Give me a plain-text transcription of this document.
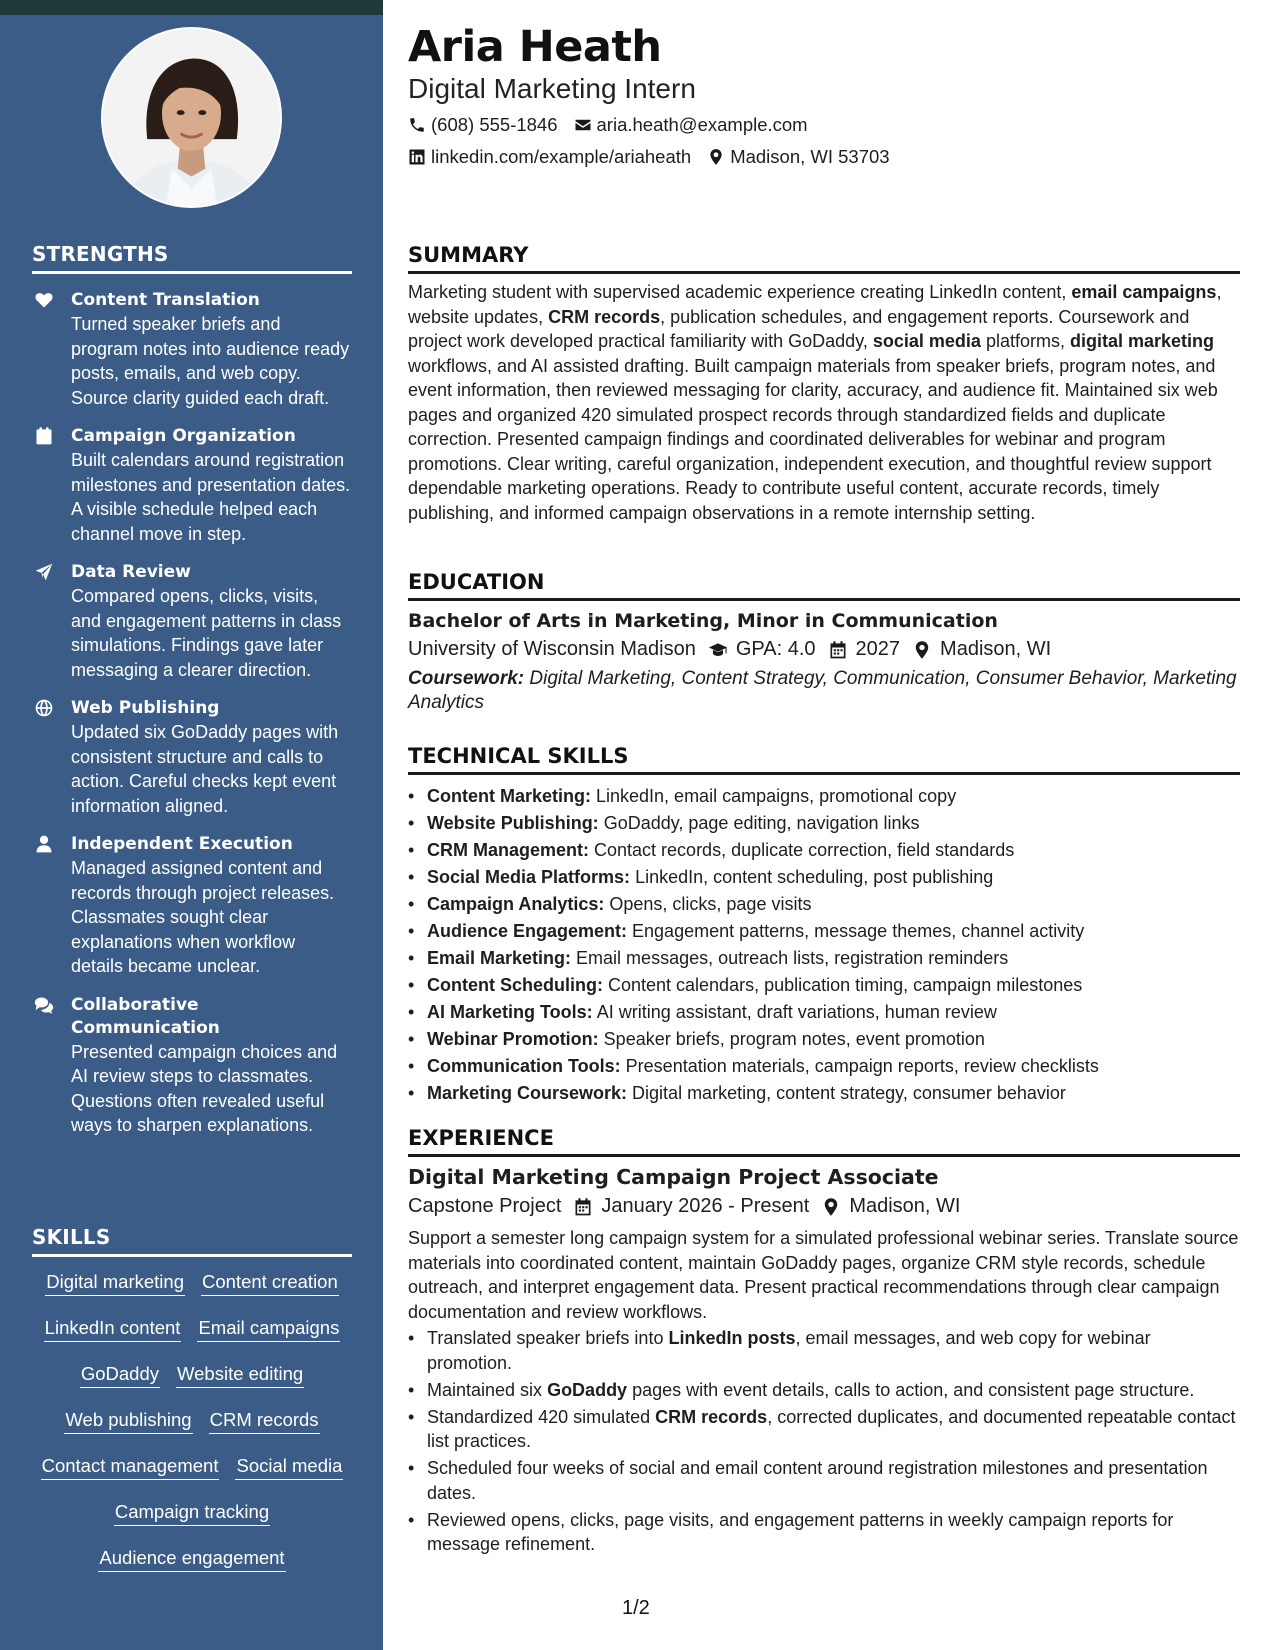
STRENGTHS
Content Translation
Turned speaker briefs and program notes into audience ready posts, emails, and web copy. Source clarity guided each draft.
Campaign Organization
Built calendars around registration milestones and presentation dates. A visible schedule helped each channel move in step.
Data Review
Compared opens, clicks, visits, and engagement patterns in class simulations. Findings gave later messaging a clearer direction.
Web Publishing
Updated six GoDaddy pages with consistent structure and calls to action. Careful checks kept event information aligned.
Independent Execution
Managed assigned content and records through project releases. Classmates sought clear explanations when workflow details became unclear.
Collaborative Communication
Presented campaign choices and AI review steps to classmates. Questions often revealed useful ways to sharpen explanations.
SKILLS
Digital marketing Content creation
LinkedIn content Email campaigns
GoDaddy Website editing
Web publishing CRM records
Contact management Social media
Campaign tracking
Audience engagement
Aria Heath
Digital Marketing Intern
(608) 555-1846 aria.heath@example.com
linkedin.com/example/ariaheath Madison, WI 53703
SUMMARY

Marketing student with supervised academic experience creating LinkedIn content, email campaigns, website updates, CRM records, publication schedules, and engagement reports. Coursework and project work developed practical familiarity with GoDaddy, social media platforms, digital marketing workflows, and AI assisted drafting. Built campaign materials from speaker briefs, program notes, and event information, then reviewed messaging for clarity, accuracy, and audience fit. Maintained six web pages and organized 420 simulated prospect records through standardized fields and duplicate correction. Presented campaign findings and coordinated deliverables for webinar and program promotions. Clear writing, careful organization, independent execution, and thoughtful review support dependable marketing operations. Ready to contribute useful content, accurate records, timely publishing, and informed campaign observations in a remote internship setting.

EDUCATION
Bachelor of Arts in Marketing, Minor in Communication
University of Wisconsin Madison GPA: 4.0 2027 Madison, WI

Coursework: Digital Marketing, Content Strategy, Communication, Consumer Behavior, Marketing Analytics

TECHNICAL SKILLS
• Content Marketing: LinkedIn, email campaigns, promotional copy
• Website Publishing: GoDaddy, page editing, navigation links
• CRM Management: Contact records, duplicate correction, field standards
• Social Media Platforms: LinkedIn, content scheduling, post publishing
• Campaign Analytics: Opens, clicks, page visits
• Audience Engagement: Engagement patterns, message themes, channel activity
• Email Marketing: Email messages, outreach lists, registration reminders
• Content Scheduling: Content calendars, publication timing, campaign milestones
• AI Marketing Tools: AI writing assistant, draft variations, human review
• Webinar Promotion: Speaker briefs, program notes, event promotion
• Communication Tools: Presentation materials, campaign reports, review checklists
• Marketing Coursework: Digital marketing, content strategy, consumer behavior
EXPERIENCE
Digital Marketing Campaign Project Associate
Capstone Project January 2026 - Present Madison, WI

Support a semester long campaign system for a simulated professional webinar series. Translate source materials into coordinated content, maintain GoDaddy pages, organize CRM style records, schedule outreach, and interpret engagement data. Present practical recommendations through clear campaign documentation and review workflows.

• Translated speaker briefs into LinkedIn posts, email messages, and web copy for webinar promotion.
• Maintained six GoDaddy pages with event details, calls to action, and consistent page structure.
• Standardized 420 simulated CRM records, corrected duplicates, and documented repeatable contact list practices.
• Scheduled four weeks of social and email content around registration milestones and presentation dates.
• Reviewed opens, clicks, page visits, and engagement patterns in weekly campaign reports for message refinement.
1/2
